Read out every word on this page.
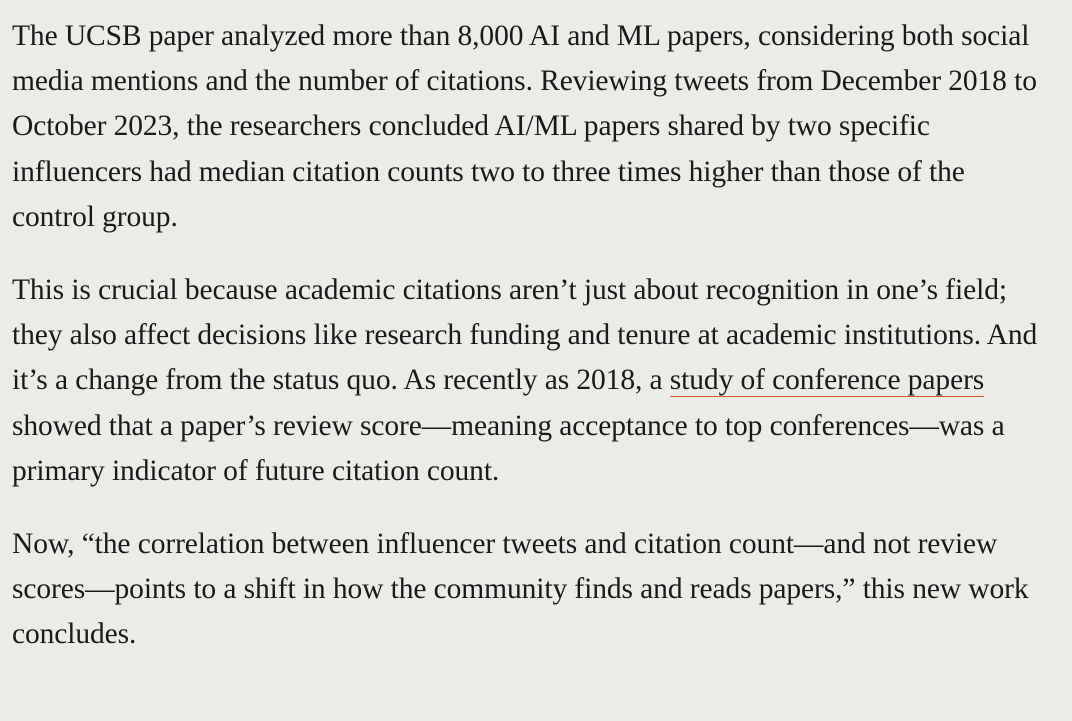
The UCSB paper analyzed more than 8,000 AI and ML papers, considering both social media mentions and the number of citations. Reviewing tweets from December 2018 to October 2023, the researchers concluded AI/ML papers shared by two specific influencers had median citation counts two to three times higher than those of the control group.

This is crucial because academic citations aren’t just about recognition in one’s field; they also affect decisions like research funding and tenure at academic institutions. And it’s a change from the status quo. As recently as 2018, a study of conference papers showed that a paper’s review score—meaning acceptance to top conferences—was a primary indicator of future citation count.

Now, “the correlation between influencer tweets and citation count—and not review scores—points to a shift in how the community finds and reads papers,” this new work concludes.
